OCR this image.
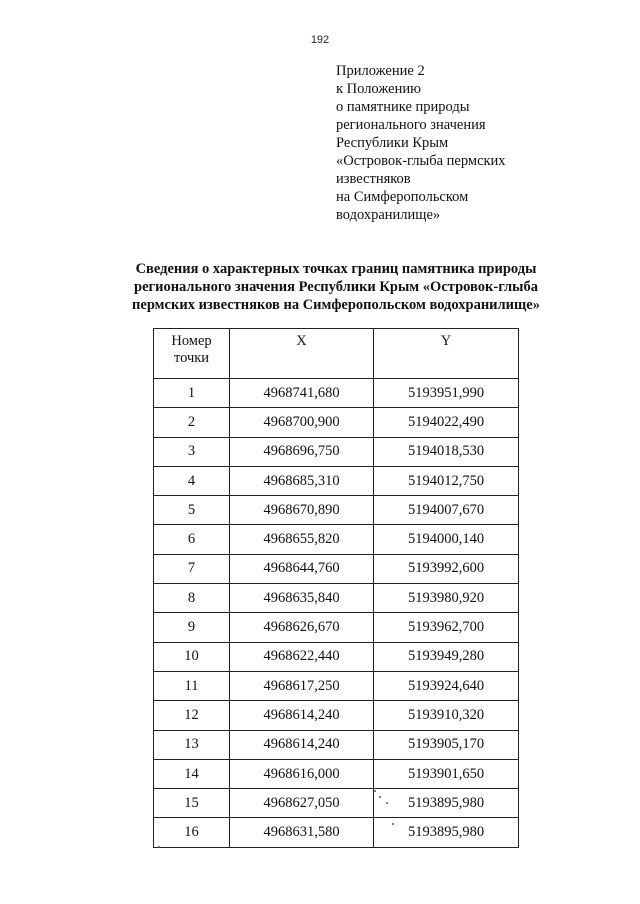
192
Приложение 2
к Положению
о памятнике природы
регионального значения
Республики Крым
«Островок-глыба пермских
известняков
на Симферопольском
водохранилище»
Сведения о характерных точках границ памятника природы
регионального значения Республики Крым «Островок-глыба
пермских известняков на Симферопольском водохранилище»
Номер
точки	X	Y
1	4968741,680	5193951,990
2	4968700,900	5194022,490
3	4968696,750	5194018,530
4	4968685,310	5194012,750
5	4968670,890	5194007,670
6	4968655,820	5194000,140
7	4968644,760	5193992,600
8	4968635,840	5193980,920
9	4968626,670	5193962,700
10	4968622,440	5193949,280
11	4968617,250	5193924,640
12	4968614,240	5193910,320
13	4968614,240	5193905,170
14	4968616,000	5193901,650
15	4968627,050	5193895,980
16	4968631,580	5193895,980
